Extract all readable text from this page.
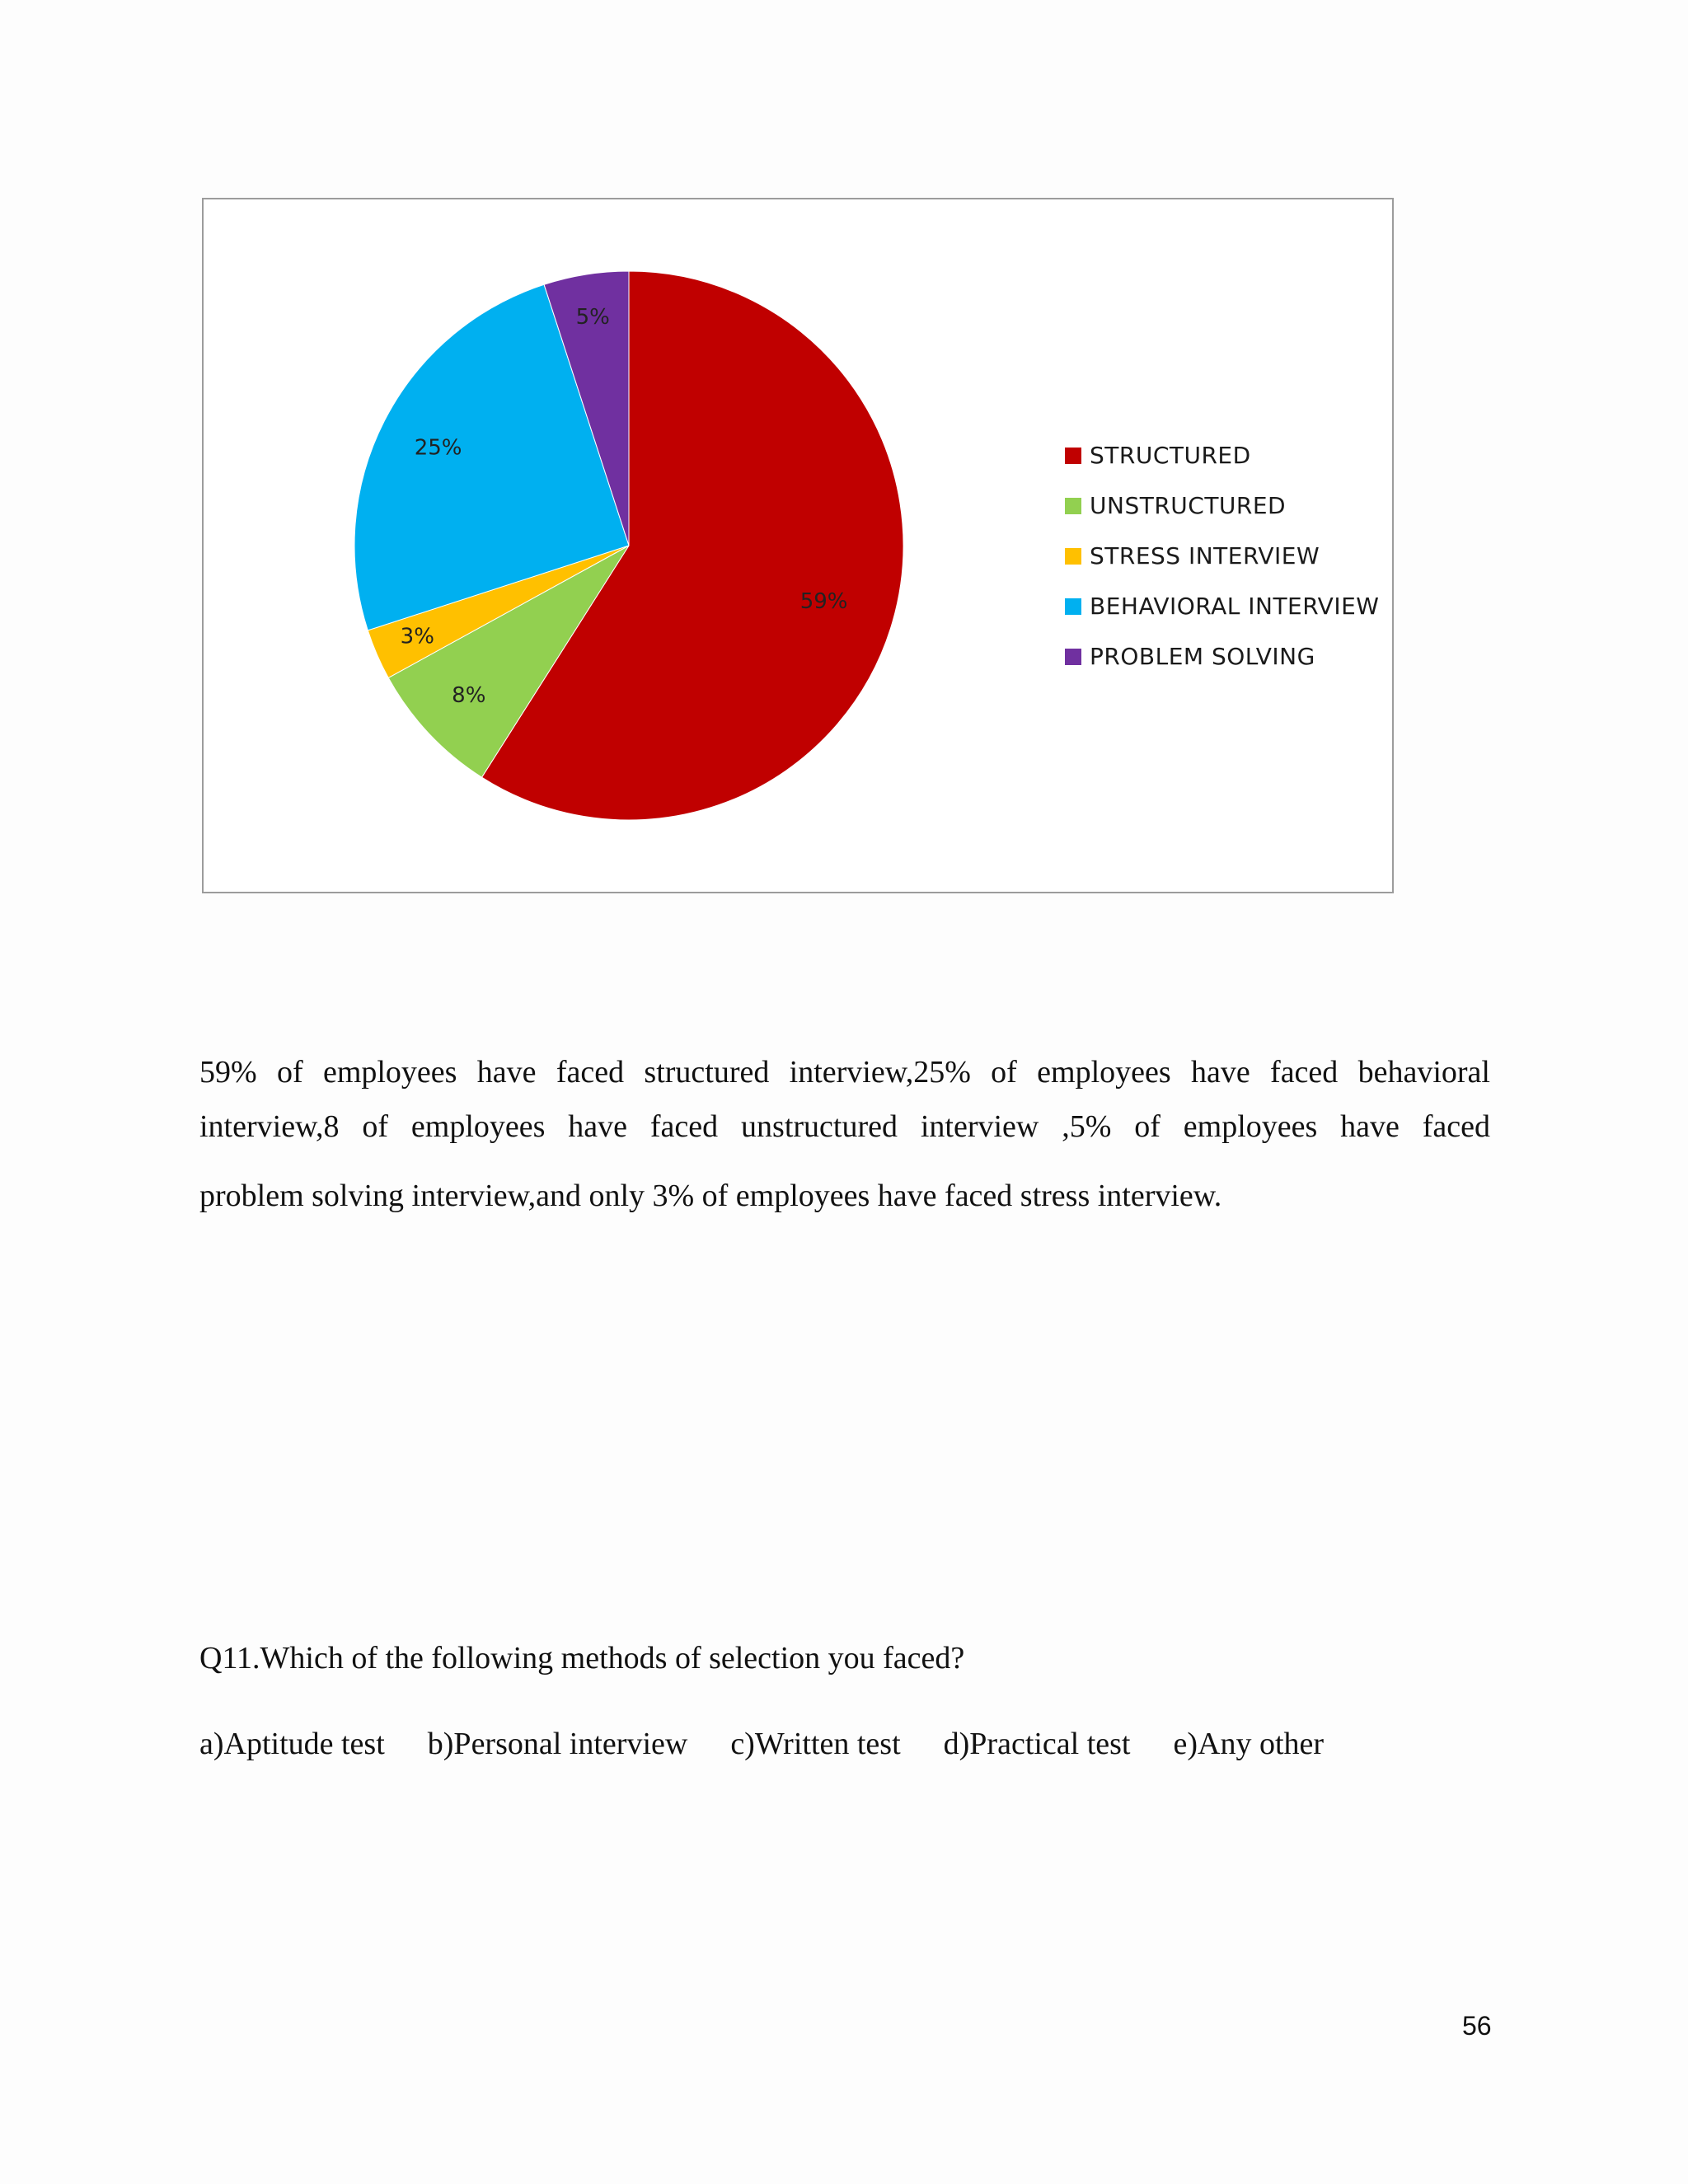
59%
8%
3%
25%
5%
STRUCTURED
UNSTRUCTURED
STRESS INTERVIEW
BEHAVIORAL INTERVIEW
PROBLEM SOLVING
59% of employees have faced structured interview,25% of employees have faced behavioral
interview,8 of employees have faced unstructured interview ,5% of employees have faced
problem solving interview,and only 3% of employees have faced stress interview.
Q11.Which of the following methods of selection you faced?
a)Aptitude test b)Personal interview c)Written test d)Practical test e)Any other
56
